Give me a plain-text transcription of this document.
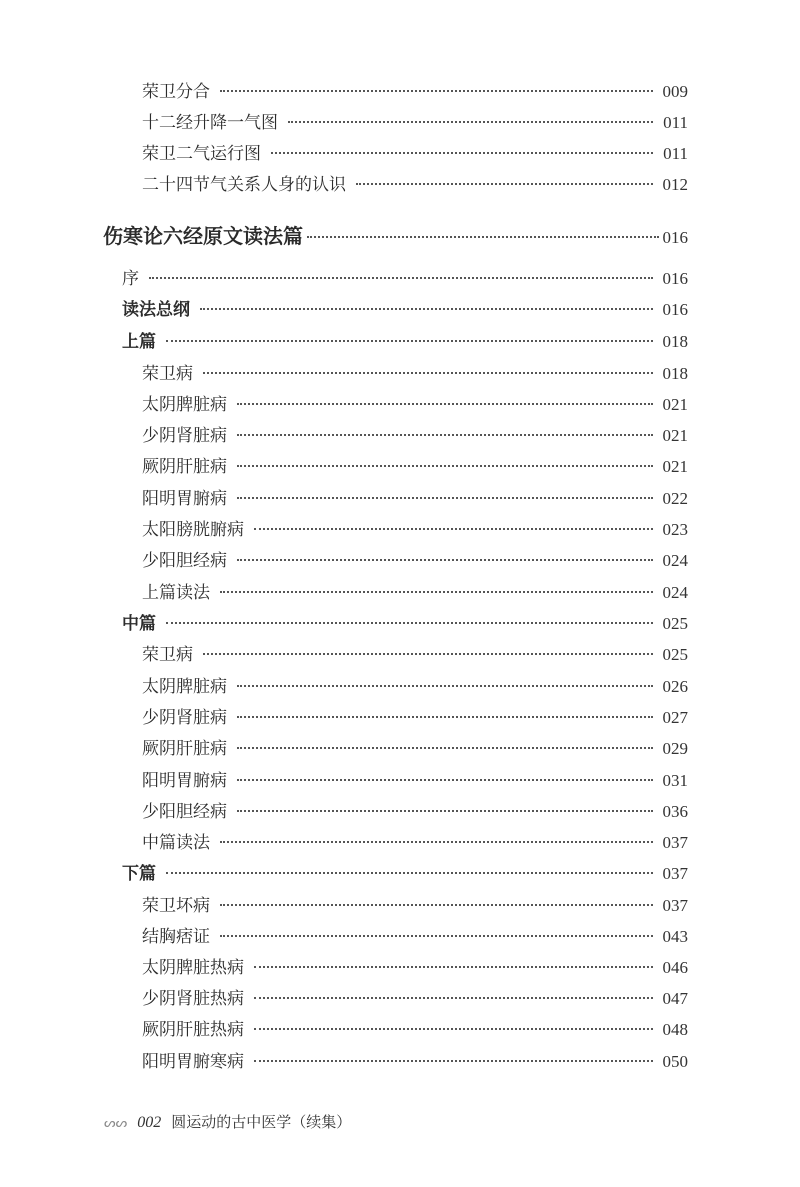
荣卫分合	009
十二经升降一气图	011
荣卫二气运行图	011
二十四节气关系人身的认识	012
伤寒论六经原文读法篇	016
序	016
读法总纲	016
上篇	018
荣卫病	018
太阴脾脏病	021
少阴肾脏病	021
厥阴肝脏病	021
阳明胃腑病	022
太阳膀胱腑病	023
少阳胆经病	024
上篇读法	024
中篇	025
荣卫病	025
太阴脾脏病	026
少阴肾脏病	027
厥阴肝脏病	029
阳明胃腑病	031
少阳胆经病	036
中篇读法	037
下篇	037
荣卫坏病	037
结胸痞证	043
太阴脾脏热病	046
少阴肾脏热病	047
厥阴肝脏热病	048
阳明胃腑寒病	050
ᔕᔕ 002 圆运动的古中医学（续集）
